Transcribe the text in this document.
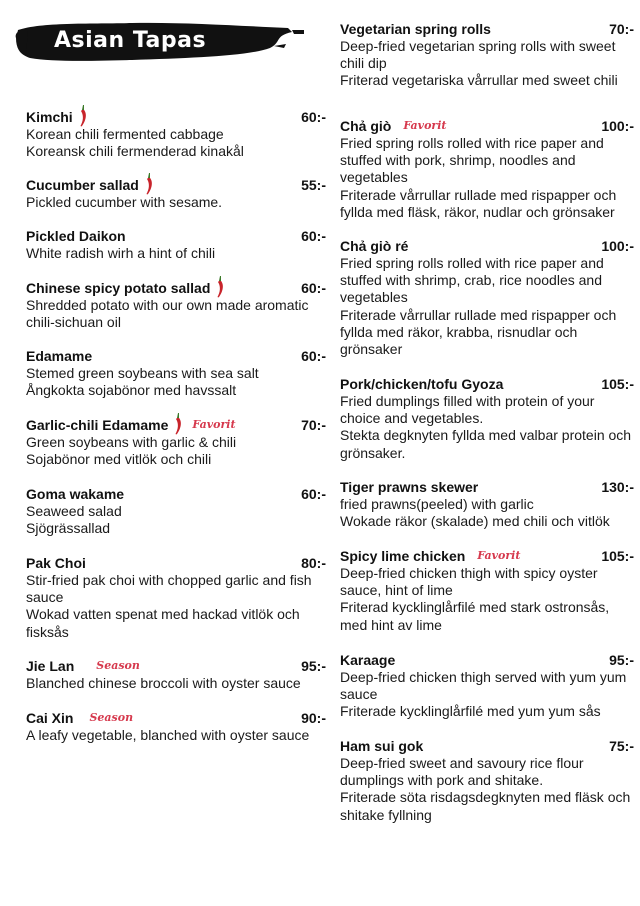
Asian Tapas
Kimchi	60:-

Korean chili fermented cabbage

Koreansk chili fermenderad kinakål

Cucumber sallad	55:-

Pickled cucumber with sesame.

Pickled Daikon	60:-

White radish wirh a hint of chili

Chinese spicy potato sallad	60:-

Shredded potato with our own made aromatic chili-sichuan oil

Edamame	60:-

Stemed green soybeans with sea salt

Ångkokta sojabönor med havssalt

Garlic-chili Edamame Favorit	70:-

Green soybeans with garlic & chili

Sojabönor med vitlök och chili

Goma wakame	60:-

Seaweed salad

Sjögrässallad

Pak Choi	80:-

Stir-fried pak choi with chopped garlic and fish sauce

Wokad vatten spenat med hackad vitlök och fisksås

Jie Lan Season	95:-

Blanched chinese broccoli with oyster sauce

Cai Xin Season	90:-

A leafy vegetable, blanched with oyster sauce

Vegetarian spring rolls	70:-

Deep-fried vegetarian spring rolls with sweet chili dip

Friterad vegetariska vårrullar med sweet chili

Chả giò Favorit	100:-

Fried spring rolls rolled with rice paper and stuffed with pork, shrimp, noodles and vegetables

Friterade vårrullar rullade med rispapper och fyllda med fläsk, räkor, nudlar och grönsaker

Chả giò ré	100:-

Fried spring rolls rolled with rice paper and stuffed with shrimp, crab, rice noodles and vegetables

Friterade vårrullar rullade med rispapper och fyllda med räkor, krabba, risnudlar och grönsaker

Pork/chicken/tofu Gyoza	105:-

Fried dumplings filled with protein of your choice and vegetables.

Stekta degknyten fyllda med valbar protein och grönsaker.

Tiger prawns skewer	130:-

fried prawns(peeled) with garlic

Wokade räkor (skalade) med chili och vitlök

Spicy lime chicken Favorit	105:-

Deep-fried chicken thigh with spicy oyster sauce, hint of lime

Friterad kycklinglårfilé med stark ostronsås, med hint av lime

Karaage	95:-

Deep-fried chicken thigh served with yum yum sauce

Friterade kycklinglårfilé med yum yum sås

Ham sui gok	75:-

Deep-fried sweet and savoury rice flour dumplings with pork and shitake.

Friterade söta risdagsdegknyten med fläsk och shitake fyllning
